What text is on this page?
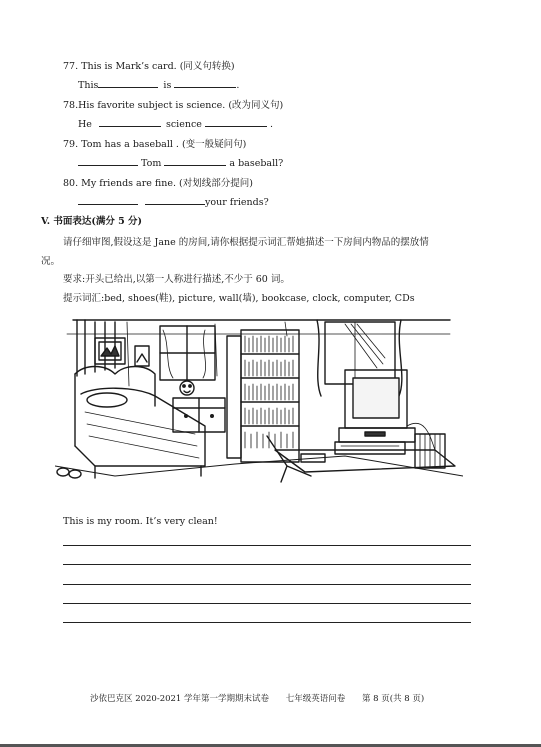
77. This is Mark’s card. (同义句转换)
This	is	.
78.His favorite subject is science. (改为同义句)
He	science	.
79. Tom has a baseball . (变一般疑问句)
Tom	a baseball?
80. My friends are fine. (对划线部分提问)
your friends?
V. 书面表达(满分 5 分)
请仔细审图,假设这是 Jane 的房间,请你根据提示词汇帮她描述一下房间内物品的摆放情
况。
要求:开头已给出,以第一人称进行描述,不少于 60 词。
提示词汇:bed, shoes(鞋), picture, wall(墙), bookcase, clock, computer, CDs
This is my room. It’s very clean!
沙依巴克区 2020-2021 学年第一学期期末试卷 七年级英语问卷 第 8 页(共 8 页)
